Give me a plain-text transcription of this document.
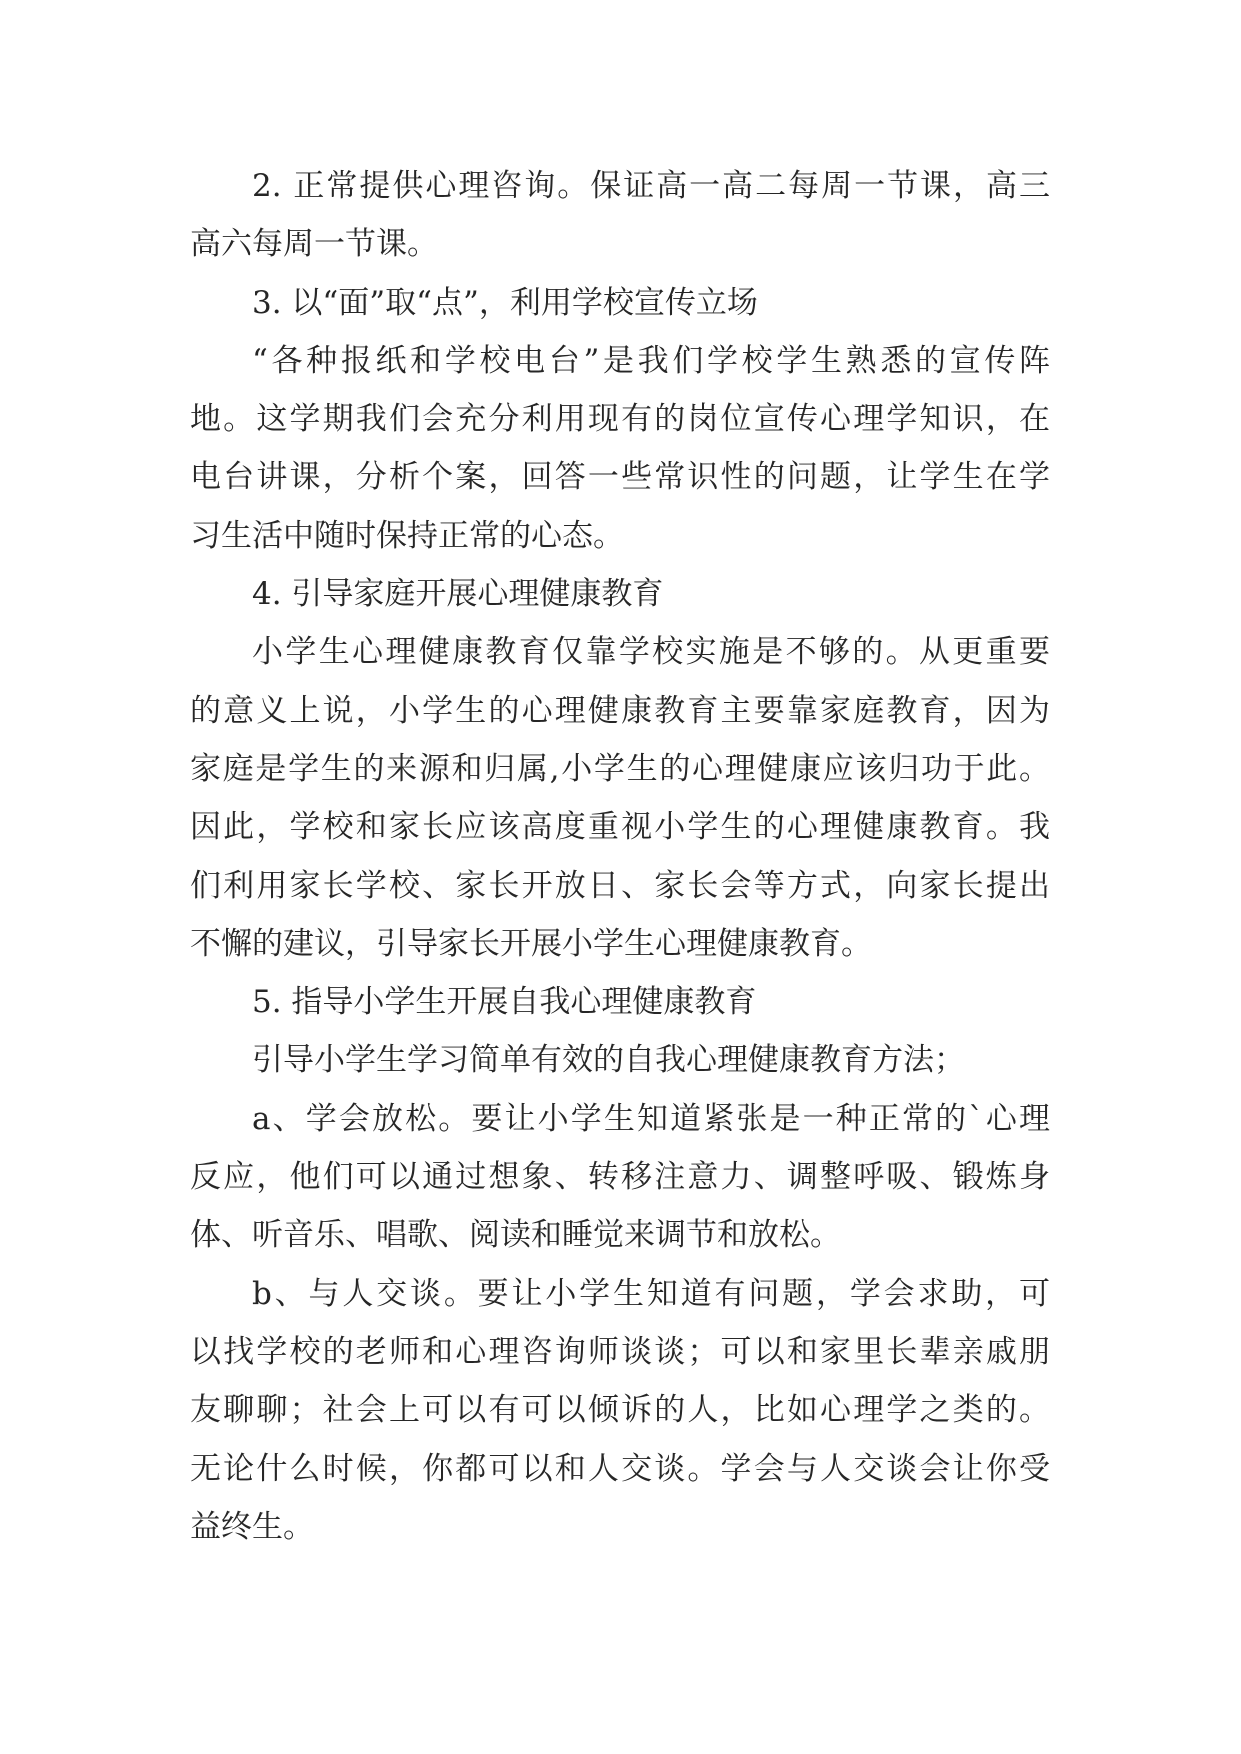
2. 正常提供心理咨询。保证高一高二每周一节课，高三
高六每周一节课。
3. 以“面”取“点”，利用学校宣传立场
“各种报纸和学校电台”是我们学校学生熟悉的宣传阵
地。这学期我们会充分利用现有的岗位宣传心理学知识，在
电台讲课，分析个案，回答一些常识性的问题，让学生在学
习生活中随时保持正常的心态。
4. 引导家庭开展心理健康教育
小学生心理健康教育仅靠学校实施是不够的。从更重要
的意义上说，小学生的心理健康教育主要靠家庭教育，因为
家庭是学生的来源和归属,小学生的心理健康应该归功于此。
因此，学校和家长应该高度重视小学生的心理健康教育。我
们利用家长学校、家长开放日、家长会等方式，向家长提出
不懈的建议，引导家长开展小学生心理健康教育。
5. 指导小学生开展自我心理健康教育
引导小学生学习简单有效的自我心理健康教育方法；
a、学会放松。要让小学生知道紧张是一种正常的`心理
反应，他们可以通过想象、转移注意力、调整呼吸、锻炼身
体、听音乐、唱歌、阅读和睡觉来调节和放松。
b、与人交谈。要让小学生知道有问题，学会求助，可
以找学校的老师和心理咨询师谈谈；可以和家里长辈亲戚朋
友聊聊；社会上可以有可以倾诉的人，比如心理学之类的。
无论什么时候，你都可以和人交谈。学会与人交谈会让你受
益终生。
